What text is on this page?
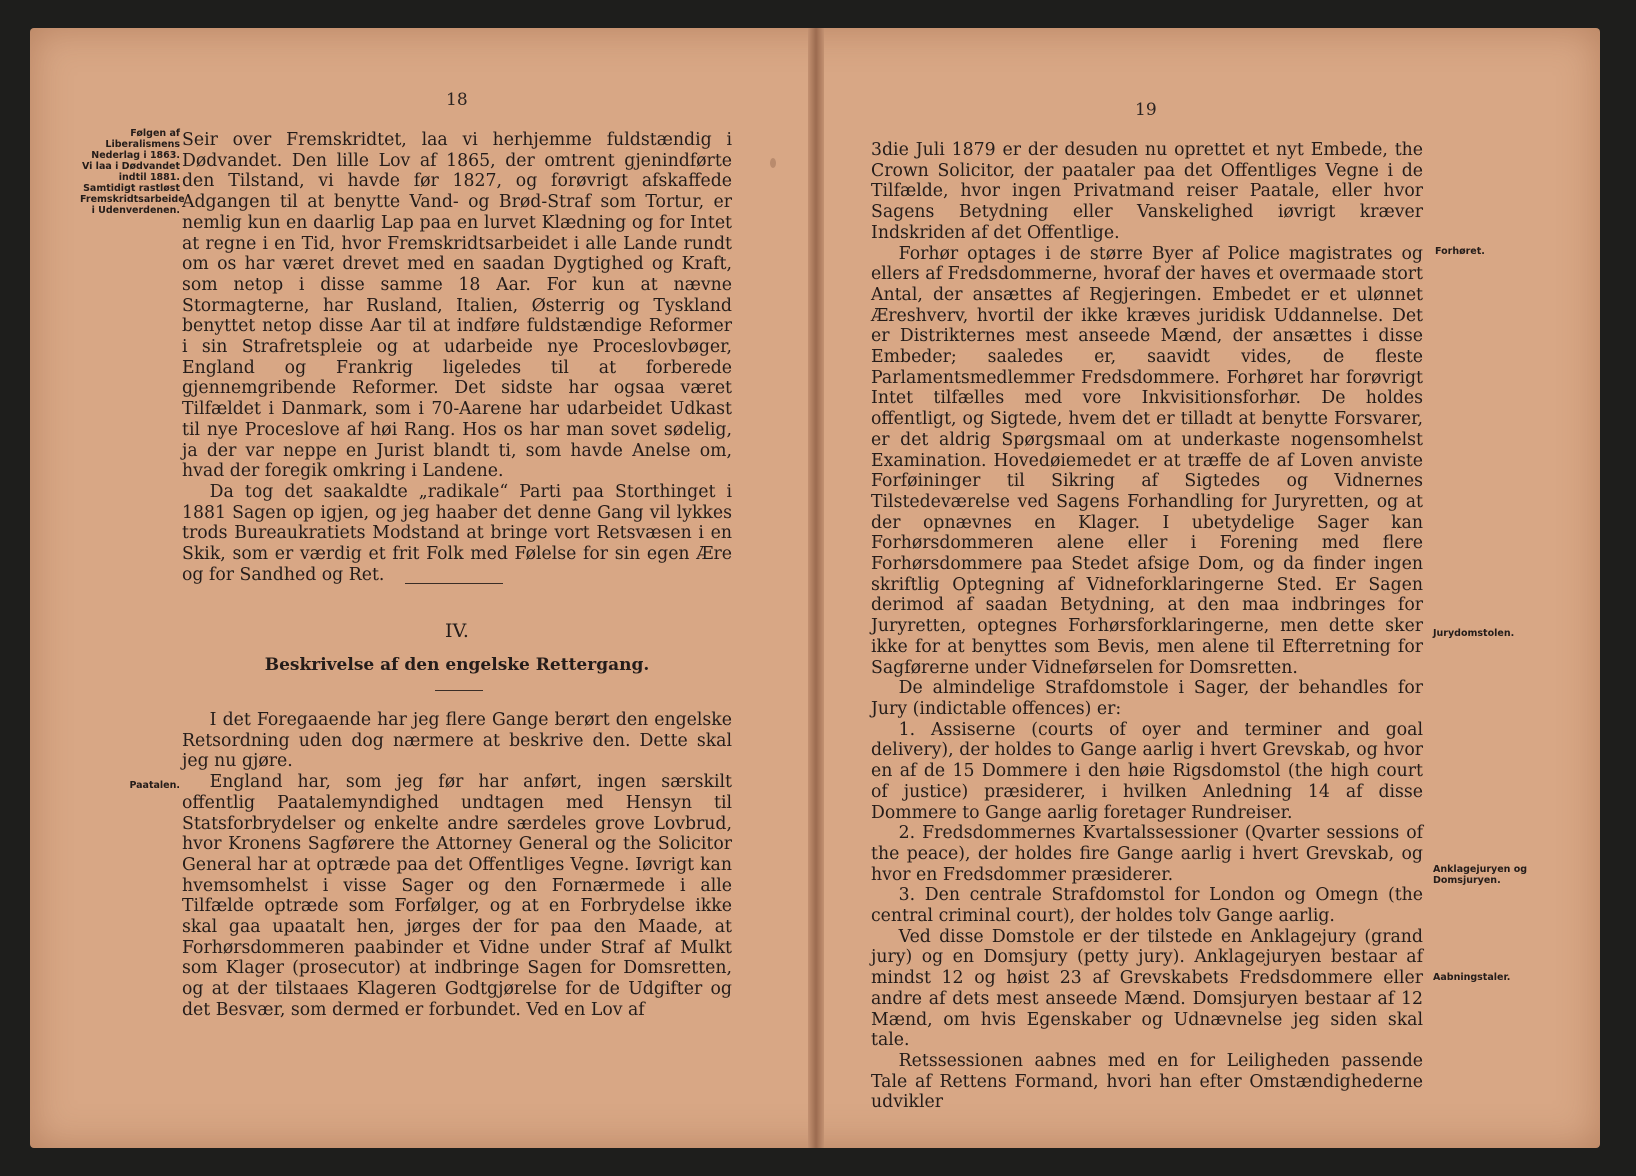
18
Følgen af Liberalismens Nederlag i 1863. Vi laa i Dødvandet indtil 1881. Samtidigt rastløst Fremskridtsarbeide i Udenverdenen.

Seir over Fremskridtet, laa vi herhjemme fuldstændig i Dødvandet. Den lille Lov af 1865, der omtrent gjenindførte den Tilstand, vi havde før 1827, og forøvrigt afskaffede Adgangen til at benytte Vand- og Brød-Straf som Tortur, er nemlig kun en daarlig Lap paa en lurvet Klædning og for Intet at regne i en Tid, hvor Fremskridtsarbeidet i alle Lande rundt om os har været drevet med en saadan Dygtighed og Kraft, som netop i disse samme 18 Aar. For kun at nævne Stormagterne, har Rusland, Italien, Østerrig og Tyskland benyttet netop disse Aar til at indføre fuldstændige Reformer i sin Strafretspleie og at udarbeide nye Proceslovbøger, England og Frankrig ligeledes til at forberede gjennemgribende Reformer. Det sidste har ogsaa været Tilfældet i Danmark, som i 70-Aarene har udarbeidet Udkast til nye Proceslove af høi Rang. Hos os har man sovet sødelig, ja der var neppe en Jurist blandt ti, som havde Anelse om, hvad der foregik omkring i Landene.

Da tog det saakaldte „radikale“ Parti paa Storthinget i 1881 Sagen op igjen, og jeg haaber det denne Gang vil lykkes trods Bureaukratiets Modstand at bringe vort Retsvæsen i en Skik, som er værdig et frit Folk med Følelse for sin egen Ære og for Sandhed og Ret.

IV.
Beskrivelse af den engelske Rettergang.

I det Foregaaende har jeg flere Gange berørt den engelske Retsordning uden dog nærmere at beskrive den. Dette skal jeg nu gjøre.

England har, som jeg før har anført, ingen særskilt offentlig Paatalemyndighed undtagen med Hensyn til Statsforbrydelser og enkelte andre særdeles grove Lovbrud, hvor Kronens Sagførere the Attorney General og the Solicitor General har at optræde paa det Offentliges Vegne. Iøvrigt kan hvemsomhelst i visse Sager og den Fornærmede i alle Tilfælde optræde som Forfølger, og at en Forbrydelse ikke skal gaa upaatalt hen, jørges der for paa den Maade, at Forhørsdommeren paabinder et Vidne under Straf af Mulkt som Klager (prosecutor) at indbringe Sagen for Domsretten, og at der tilstaaes Klageren Godtgjørelse for de Udgifter og det Besvær, som dermed er forbundet. Ved en Lov af

Paatalen.
19

3die Juli 1879 er der desuden nu oprettet et nyt Embede, the Crown Solicitor, der paataler paa det Offentliges Vegne i de Tilfælde, hvor ingen Privatmand reiser Paatale, eller hvor Sagens Betydning eller Vanskelighed iøvrigt kræver Indskriden af det Offentlige.

Forhør optages i de større Byer af Police magistrates og ellers af Fredsdommerne, hvoraf der haves et overmaade stort Antal, der ansættes af Regjeringen. Embedet er et ulønnet Æreshverv, hvortil der ikke kræves juridisk Uddannelse. Det er Distrikternes mest anseede Mænd, der ansættes i disse Embeder; saaledes er, saavidt vides, de fleste Parlamentsmedlemmer Fredsdommere. Forhøret har forøvrigt Intet tilfælles med vore Inkvisitionsforhør. De holdes offentligt, og Sigtede, hvem det er tilladt at benytte Forsvarer, er det aldrig Spørgsmaal om at underkaste nogensomhelst Examination. Hovedøiemedet er at træffe de af Loven anviste Forføininger til Sikring af Sigtedes og Vidnernes Tilstedeværelse ved Sagens Forhandling for Juryretten, og at der opnævnes en Klager. I ubetydelige Sager kan Forhørsdommeren alene eller i Forening med flere Forhørsdommere paa Stedet afsige Dom, og da finder ingen skriftlig Optegning af Vidneforklaringerne Sted. Er Sagen derimod af saadan Betydning, at den maa indbringes for Juryretten, optegnes Forhørsforklaringerne, men dette sker ikke for at benyttes som Bevis, men alene til Efterretning for Sagførerne under Vidneførselen for Domsretten.

De almindelige Strafdomstole i Sager, der behandles for Jury (indictable offences) er:

1. Assiserne (courts of oyer and terminer and goal delivery), der holdes to Gange aarlig i hvert Grevskab, og hvor en af de 15 Dommere i den høie Rigsdomstol (the high court of justice) præsiderer, i hvilken Anledning 14 af disse Dommere to Gange aarlig foretager Rundreiser.

2. Fredsdommernes Kvartalssessioner (Qvarter sessions of the peace), der holdes fire Gange aarlig i hvert Grevskab, og hvor en Fredsdommer præsiderer.

3. Den centrale Strafdomstol for London og Omegn (the central criminal court), der holdes tolv Gange aarlig.

Ved disse Domstole er der tilstede en Anklagejury (grand jury) og en Domsjury (petty jury). Anklagejuryen bestaar af mindst 12 og høist 23 af Grevskabets Fredsdommere eller andre af dets mest anseede Mænd. Domsjuryen bestaar af 12 Mænd, om hvis Egenskaber og Udnævnelse jeg siden skal tale.

Retssessionen aabnes med en for Leiligheden passende Tale af Rettens Formand, hvori han efter Omstændighederne udvikler

Forhøret.
Jurydomstolen.
Anklagejuryen og Domsjuryen.
Aabningstaler.
